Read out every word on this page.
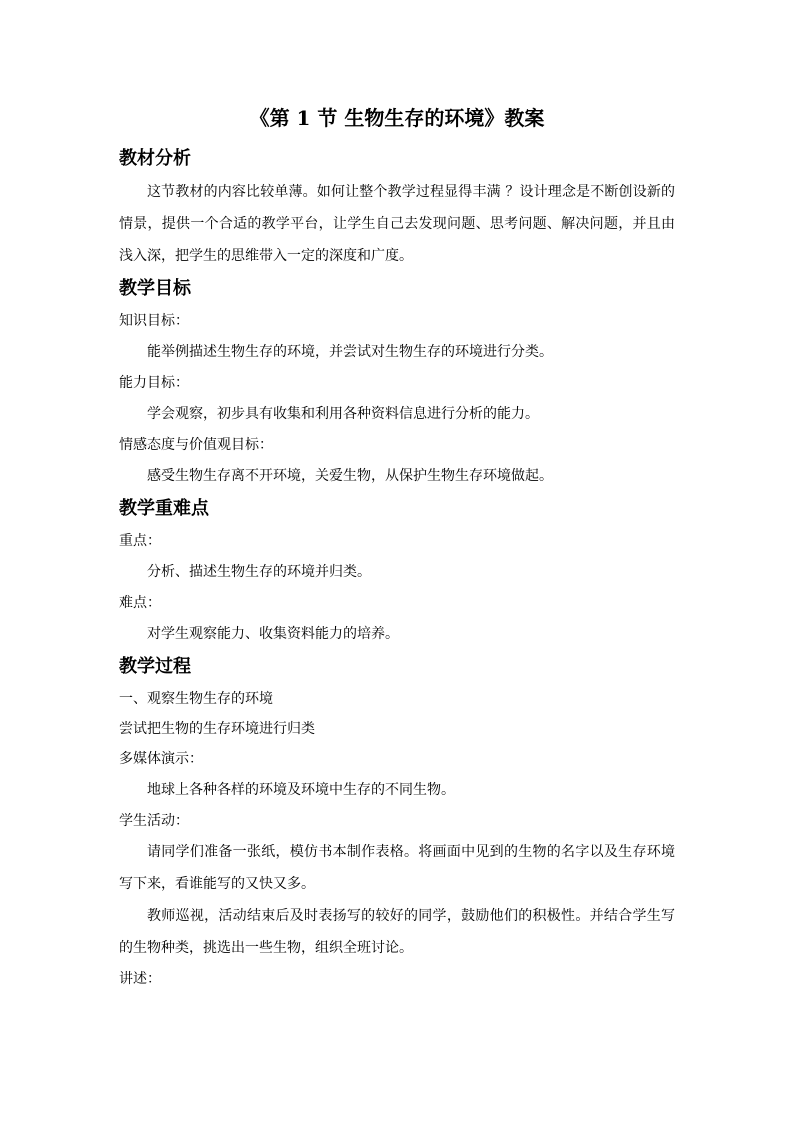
《第 1 节 生物生存的环境》教案
教材分析

这节教材的内容比较单薄。如何让整个教学过程显得丰满 ？设计理念是不断创设新的情景，提供一个合适的教学平台，让学生自己去发现问题、思考问题、解决问题，并且由浅入深，把学生的思维带入一定的深度和广度。

教学目标

知识目标：

能举例描述生物生存的环境，并尝试对生物生存的环境进行分类。

能力目标：

学会观察，初步具有收集和利用各种资料信息进行分析的能力。

情感态度与价值观目标：

感受生物生存离不开环境，关爱生物，从保护生物生存环境做起。

教学重难点

重点：

分析、描述生物生存的环境并归类。

难点：

对学生观察能力、收集资料能力的培养。

教学过程

一、观察生物生存的环境

尝试把生物的生存环境进行归类

多媒体演示：

地球上各种各样的环境及环境中生存的不同生物。

学生活动：

请同学们准备一张纸，模仿书本制作表格。将画面中见到的生物的名字以及生存环境写下来，看谁能写的又快又多。

教师巡视，活动结束后及时表扬写的较好的同学，鼓励他们的积极性。并结合学生写的生物种类，挑选出一些生物，组织全班讨论。

讲述：
